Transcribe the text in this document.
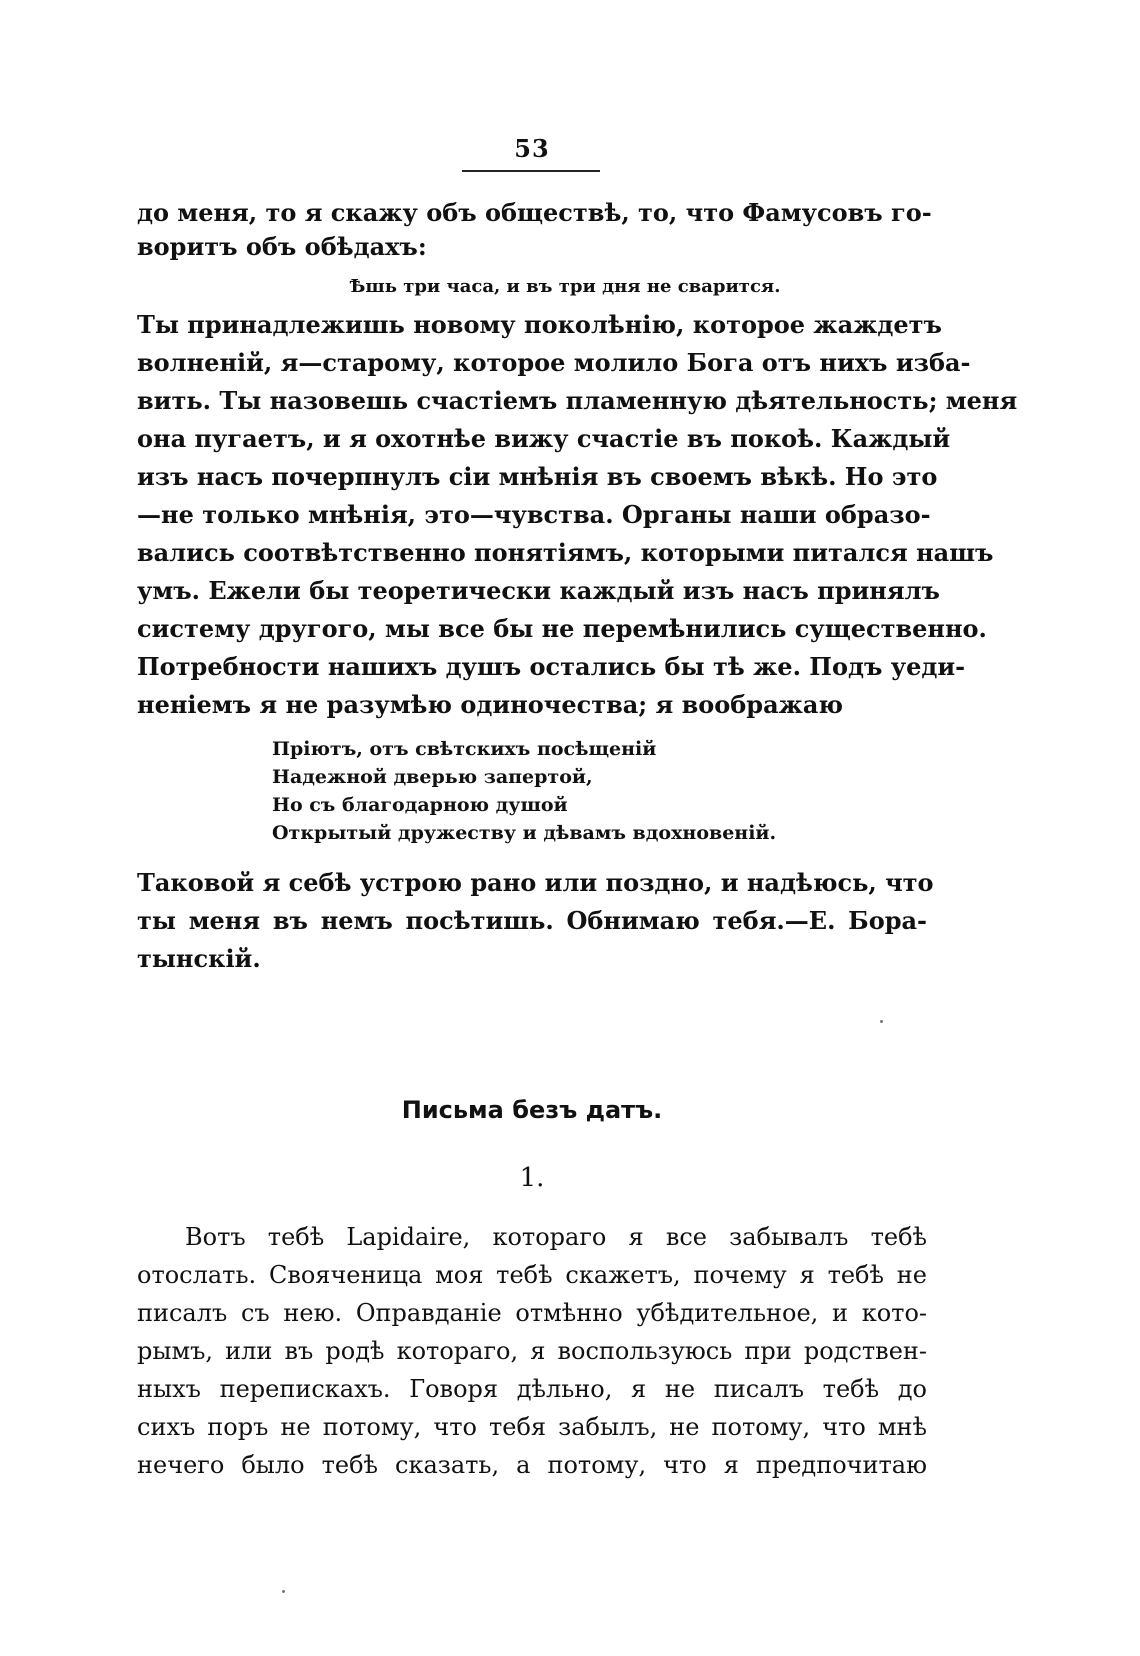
53
до меня, то я скажу объ обществѣ, то, что Фамусовъ го-
воритъ объ обѣдахъ:
Ѣшь три часа, и въ три дня не сварится.
Ты принадлежишь новому поколѣнію, которое жаждетъ
волненій, я—старому, которое молило Бога отъ нихъ изба-
вить. Ты назовешь счастіемъ пламенную дѣятельность; меня
она пугаетъ, и я охотнѣе вижу счастіе въ покоѣ. Каждый
изъ насъ почерпнулъ сіи мнѣнія въ своемъ вѣкѣ. Но это
—не только мнѣнія, это—чувства. Органы наши образо-
вались соотвѣтственно понятіямъ, которыми питался нашъ
умъ. Ежели бы теоретически каждый изъ насъ принялъ
систему другого, мы все бы не перемѣнились существенно.
Потребности нашихъ душъ остались бы тѣ же. Подъ уеди-
неніемъ я не разумѣю одиночества; я воображаю
Пріютъ, отъ свѣтскихъ посѣщеній
Надежной дверью запертой,
Но съ благодарною душой
Открытый дружеству и дѣвамъ вдохновеній.
Таковой я себѣ устрою рано или поздно, и надѣюсь, что
ты меня въ немъ посѣтишь. Обнимаю тебя.—Е. Бора-
тынскій.
Письма безъ датъ.
1.
Вотъ тебѣ Lapidaire, котораго я все забывалъ тебѣ
отослать. Свояченица моя тебѣ скажетъ, почему я тебѣ не
писалъ съ нею. Оправданіе отмѣнно убѣдительное, и кото-
рымъ, или въ родѣ котораго, я воспользуюсь при родствен-
ныхъ перепискахъ. Говоря дѣльно, я не писалъ тебѣ до
сихъ поръ не потому, что тебя забылъ, не потому, что мнѣ
нечего было тебѣ сказать, а потому, что я предпочитаю
